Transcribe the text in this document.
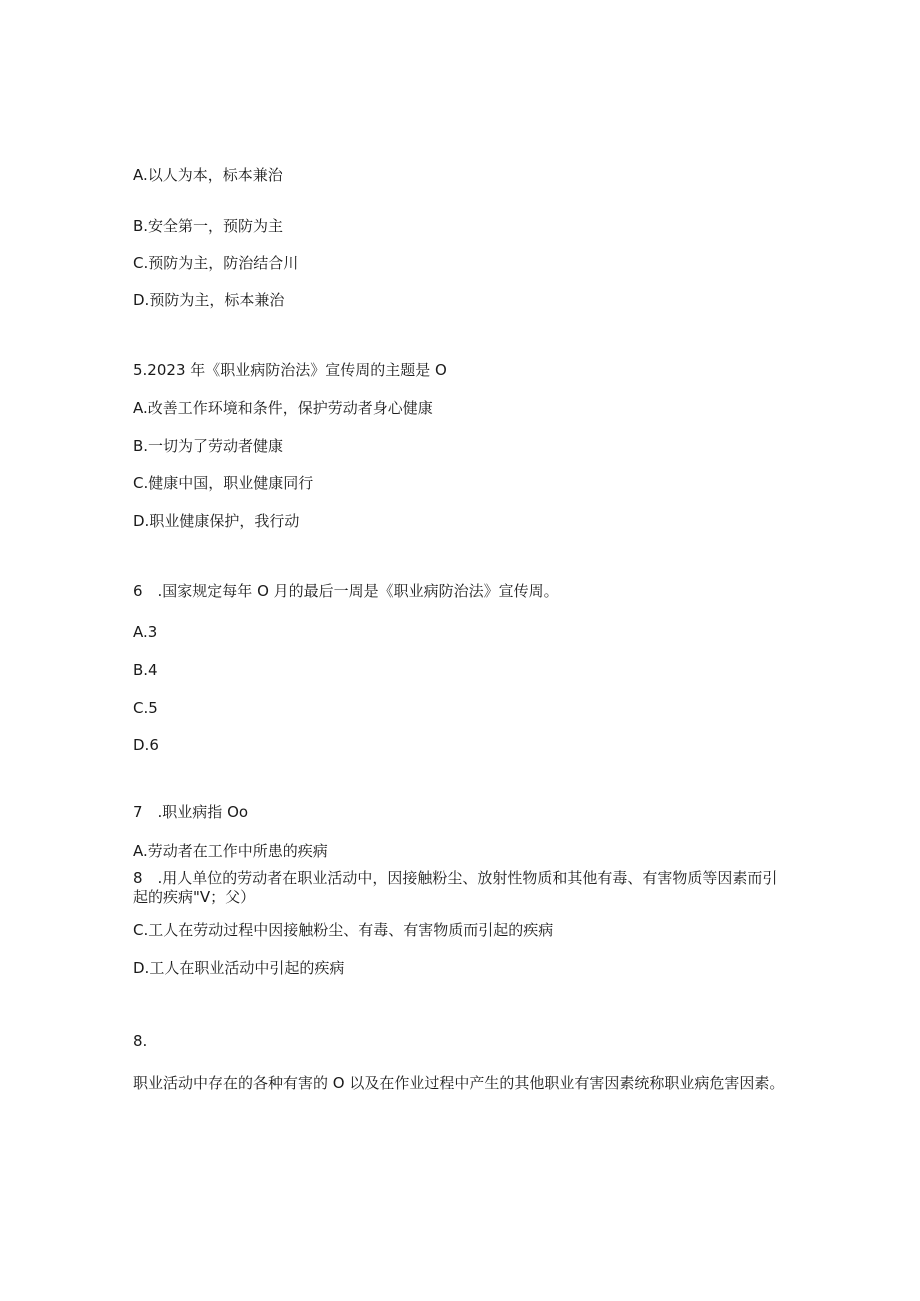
A.以人为本，标本兼治

B.安全第一，预防为主

C.预防为主，防治结合川

D.预防为主，标本兼治

5.2023 年《职业病防治法》宣传周的主题是 O

A.改善工作环境和条件，保护劳动者身心健康

B.一切为了劳动者健康

C.健康中国，职业健康同行

D.职业健康保护，我行动

6　.国家规定每年 O 月的最后一周是《职业病防治法》宣传周。

A.3

B.4

C.5

D.6

7　.职业病指 Oo

A.劳动者在工作中所患的疾病

8　.用人单位的劳动者在职业活动中，因接触粉尘、放射性物质和其他有毒、有害物质等因素而引起的疾病"V；父）

C.工人在劳动过程中因接触粉尘、有毒、有害物质而引起的疾病

D.工人在职业活动中引起的疾病

8.

职业活动中存在的各种有害的 O 以及在作业过程中产生的其他职业有害因素统称职业病危害因素。
